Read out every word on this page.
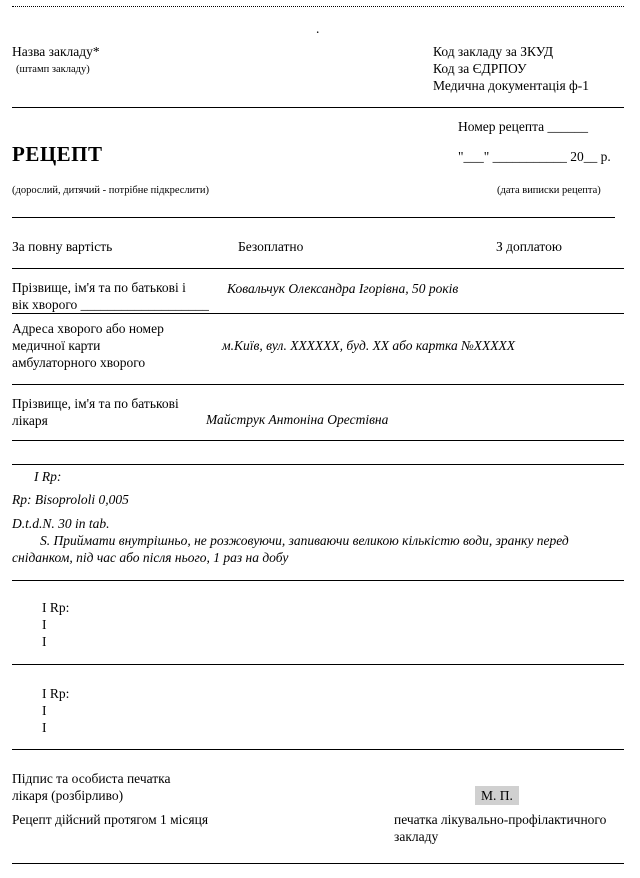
.
Назва закладу*
(штамп закладу)
Код закладу за ЗКУД
Код за ЄДРПОУ
Медична документація ф-1
Номер рецепта ______
РЕЦЕПТ	"___" ___________ 20__ р.
(дорослий, дитячий - потрібне підкреслити)	(дата виписки рецепта)
За повну вартість	Безоплатно	З доплатою
Прізвище, ім'я та по батькові і
вік хворого ___________________
Ковальчук Олександра Ігорівна, 50 років
Адреса хворого або номер
медичної карти
амбулаторного хворого
м.Київ, вул. XXXXXX, буд. XX або картка №XXXXX
Прізвище, ім'я та по батькові
лікаря	Майструк Антоніна Орестівна
I Rp:
Rp: Bisoprololi 0,005
D.t.d.N. 30 in tab.
S. Приймати внутрішньо, не розжовуючи, запиваючи великою кількістю води, зранку перед
сніданком, під час або після нього, 1 раз на добу
I Rp:
I
I
I Rp:
I
I
Підпис та особиста печатка
лікаря (розбірливо)	М. П.
Рецепт дійсний протягом 1 місяця	печатка лікувально-профілактичного
закладу
